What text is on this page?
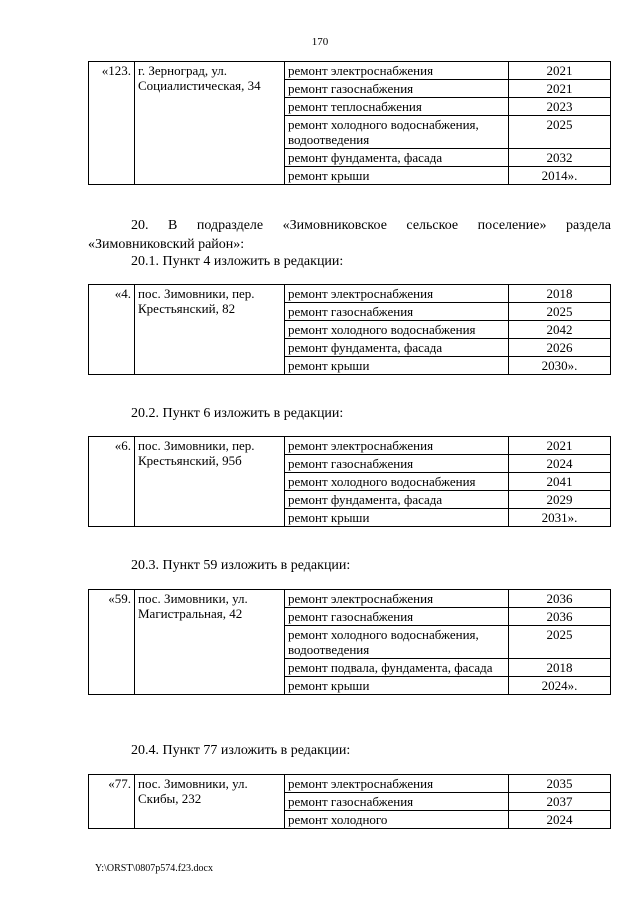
170
«123.	г. Зерноград, ул. Социалистическая, 34	ремонт электроснабжения	2021
		ремонт газоснабжения	2021
		ремонт теплоснабжения	2023
		ремонт холодного водоснабжения, водоотведения	2025
		ремонт фундамента, фасада	2032
		ремонт крыши	2014».
20. В подразделе «Зимовниковское сельское поселение» раздела
«Зимовниковский район»:
20.1. Пункт 4 изложить в редакции:
«4.	пос. Зимовники, пер. Крестьянский, 82	ремонт электроснабжения	2018
		ремонт газоснабжения	2025
		ремонт холодного водоснабжения	2042
		ремонт фундамента, фасада	2026
		ремонт крыши	2030».
20.2. Пункт 6 изложить в редакции:
«6.	пос. Зимовники, пер. Крестьянский, 95б	ремонт электроснабжения	2021
		ремонт газоснабжения	2024
		ремонт холодного водоснабжения	2041
		ремонт фундамента, фасада	2029
		ремонт крыши	2031».
20.3. Пункт 59 изложить в редакции:
«59.	пос. Зимовники, ул. Магистральная, 42	ремонт электроснабжения	2036
		ремонт газоснабжения	2036
		ремонт холодного водоснабжения, водоотведения	2025
		ремонт подвала, фундамента, фасада	2018
		ремонт крыши	2024».
20.4. Пункт 77 изложить в редакции:
«77.	пос. Зимовники, ул. Скибы, 232	ремонт электроснабжения	2035
		ремонт газоснабжения	2037
		ремонт холодного	2024
Y:\ORST\0807p574.f23.docx
